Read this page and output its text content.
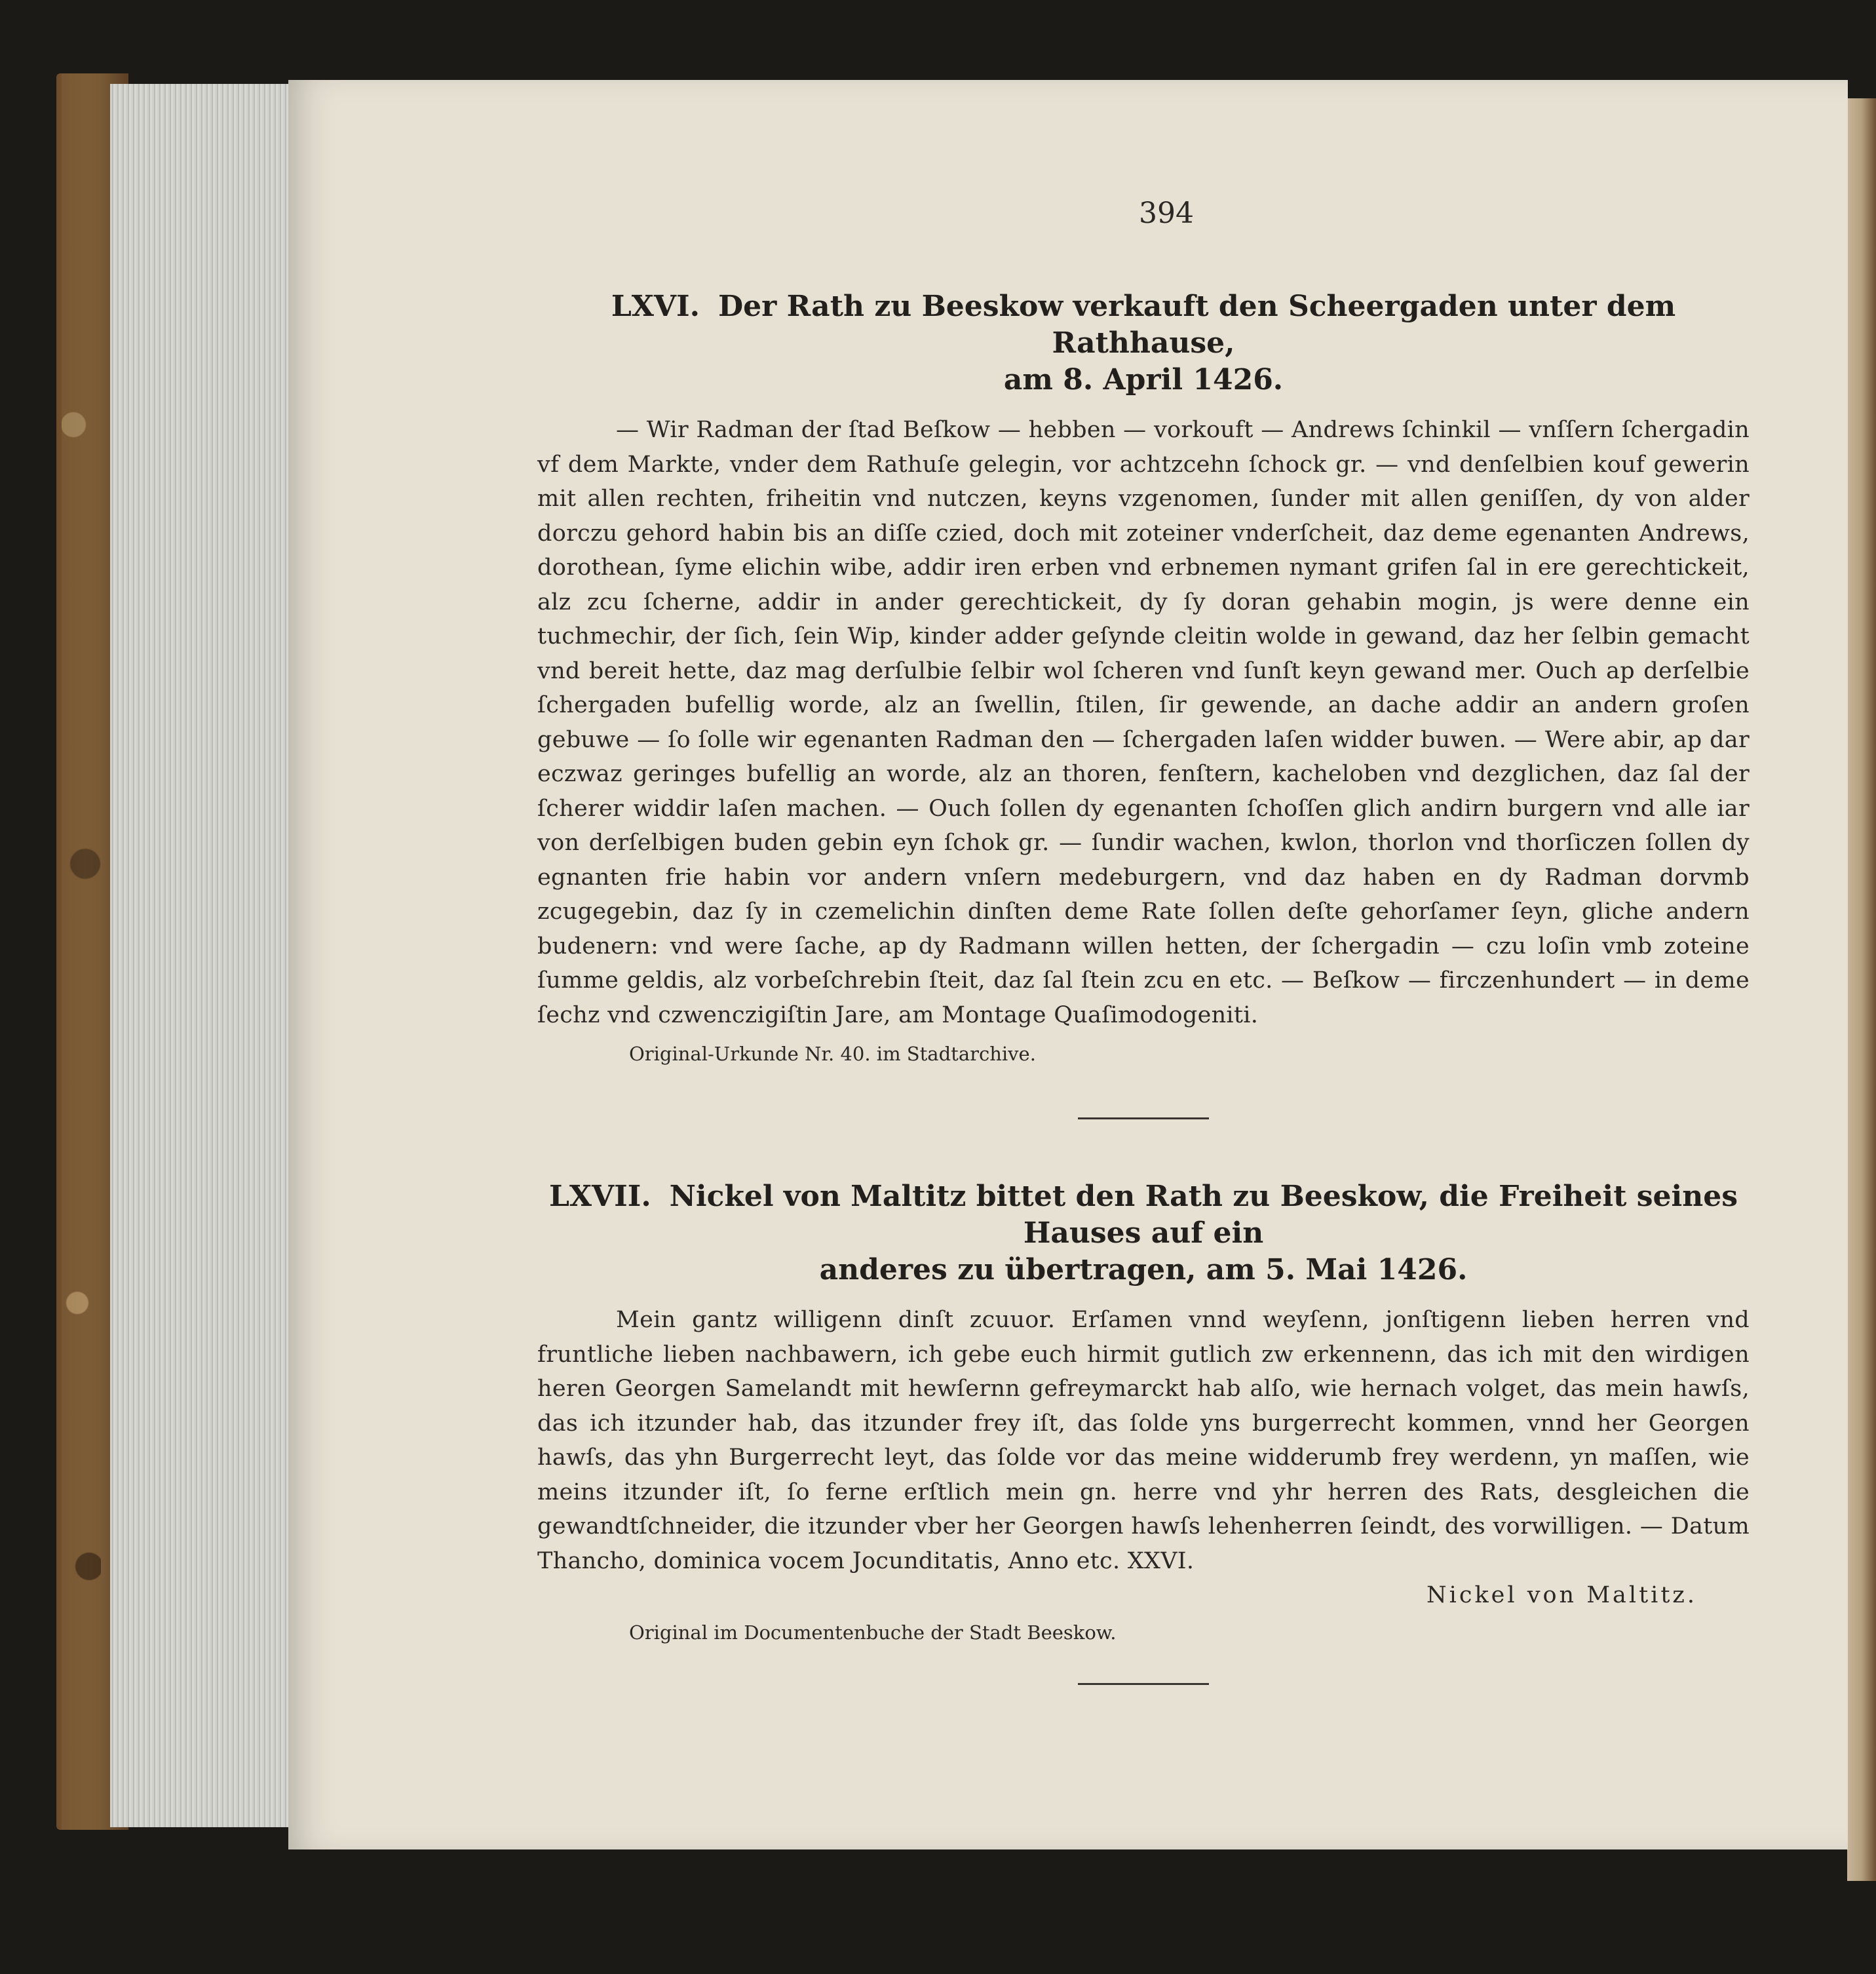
394
LXVI. Der Rath zu Beeskow verkauft den Scheergaden unter dem Rathhause,
am 8. April 1426.

— Wir Radman der ſtad Beſkow — hebben — vorkouft — Andrews ſchinkil — vnſſern ſchergadin vf dem Markte, vnder dem Rathuſe gelegin, vor achtzcehn ſchock gr. — vnd denſelbien kouf gewerin mit allen rechten, friheitin vnd nutczen, keyns vzgenomen, ſunder mit allen geniſſen, dy von alder dorczu gehord habin bis an diſſe czied, doch mit zoteiner vnderſcheit, daz deme egenanten Andrews, dorothean, ſyme elichin wibe, addir iren erben vnd erbnemen nymant grifen ſal in ere gerechtickeit, alz zcu ſcherne, addir in ander gerechtickeit, dy ſy doran gehabin mogin, js were denne ein tuchmechir, der ſich, ſein Wip, kinder adder geſynde cleitin wolde in gewand, daz her ſelbin gemacht vnd bereit hette, daz mag derſulbie ſelbir wol ſcheren vnd ſunſt keyn gewand mer. Ouch ap derſelbie ſchergaden bufellig worde, alz an ſwellin, ſtilen, ſir gewende, an dache addir an andern groſen gebuwe — ſo ſolle wir egenanten Radman den — ſchergaden laſen widder buwen. — Were abir, ap dar eczwaz geringes bufellig an worde, alz an thoren, fenſtern, kacheloben vnd dezglichen, daz ſal der ſcherer widdir laſen machen. — Ouch ſollen dy egenanten ſchoſſen glich andirn burgern vnd alle iar von derſelbigen buden gebin eyn ſchok gr. — ſundir wachen, kwlon, thorlon vnd thorſiczen ſollen dy egnanten frie habin vor andern vnſern medeburgern, vnd daz haben en dy Radman dorvmb zcugegebin, daz ſy in czemelichin dinſten deme Rate ſollen deſte gehorſamer ſeyn, gliche andern budenern: vnd were ſache, ap dy Radmann willen hetten, der ſchergadin — czu loſin vmb zoteine ſumme geldis, alz vorbeſchrebin ſteit, daz ſal ſtein zcu en etc. — Beſkow — firczenhundert — in deme ſechz vnd czwenczigiſtin Jare, am Montage Quaſimodogeniti.

Original-Urkunde Nr. 40. im Stadtarchive.
LXVII. Nickel von Maltitz bittet den Rath zu Beeskow, die Freiheit seines Hauses auf ein
anderes zu übertragen, am 5. Mai 1426.

Mein gantz willigenn dinſt zcuuor. Erſamen vnnd weyſenn, jonſtigenn lieben herren vnd fruntliche lieben nachbawern, ich gebe euch hirmit gutlich zw erkennenn, das ich mit den wirdigen heren Georgen Samelandt mit hewſernn gefreymarckt hab alſo, wie hernach volget, das mein hawſs, das ich itzunder hab, das itzunder frey iſt, das ſolde yns burgerrecht kommen, vnnd her Georgen hawſs, das yhn Burgerrecht leyt, das ſolde vor das meine widderumb frey werdenn, yn maſſen, wie meins itzunder iſt, ſo ferne erſtlich mein gn. herre vnd yhr herren des Rats, desgleichen die gewandtſchneider, die itzunder vber her Georgen hawſs lehenherren ſeindt, des vorwilligen. — Datum Thancho, dominica vocem Jocunditatis, Anno etc. XXVI.

Nickel von Maltitz.
Original im Documentenbuche der Stadt Beeskow.
